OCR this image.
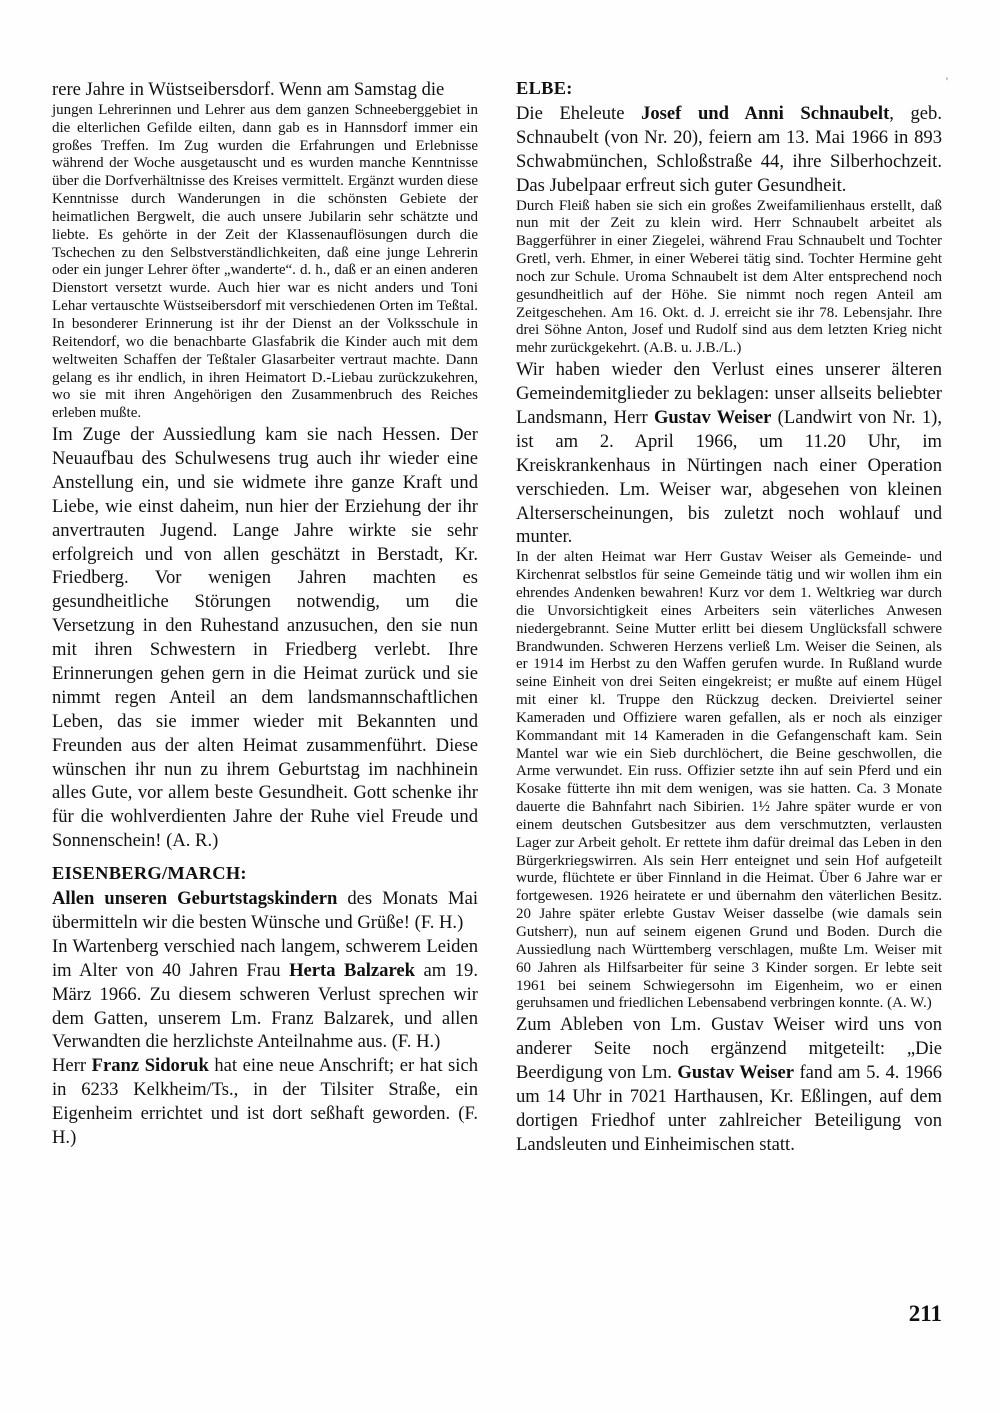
'

rere Jahre in Wüstseibersdorf. Wenn am Samstag die

jungen Lehrerinnen und Lehrer aus dem ganzen Schneeberggebiet in die elterlichen Gefilde eilten, dann gab es in Hannsdorf immer ein großes Treffen. Im Zug wurden die Erfahrungen und Erlebnisse während der Woche ausgetauscht und es wurden manche Kenntnisse über die Dorfverhältnisse des Kreises vermittelt. Ergänzt wurden diese Kenntnisse durch Wanderungen in die schönsten Gebiete der heimatlichen Bergwelt, die auch unsere Jubilarin sehr schätzte und liebte. Es gehörte in der Zeit der Klassenauflösungen durch die Tschechen zu den Selbstverständlichkeiten, daß eine junge Lehrerin oder ein junger Lehrer öfter „wanderte“. d. h., daß er an einen anderen Dienstort versetzt wurde. Auch hier war es nicht anders und Toni Lehar vertauschte Wüstseibersdorf mit verschiedenen Orten im Teßtal. In besonderer Erinnerung ist ihr der Dienst an der Volksschule in Reitendorf, wo die benachbarte Glasfabrik die Kinder auch mit dem weltweiten Schaffen der Teßtaler Glasarbeiter vertraut machte. Dann gelang es ihr endlich, in ihren Heimatort D.-Liebau zurückzukehren, wo sie mit ihren Angehörigen den Zusammenbruch des Reiches erleben mußte.

Im Zuge der Aussiedlung kam sie nach Hessen. Der Neuaufbau des Schulwesens trug auch ihr wieder eine Anstellung ein, und sie widmete ihre ganze Kraft und Liebe, wie einst daheim, nun hier der Erziehung der ihr anvertrauten Jugend. Lange Jahre wirkte sie sehr erfolgreich und von allen geschätzt in Berstadt, Kr. Friedberg. Vor wenigen Jahren machten es gesundheitliche Störungen notwendig, um die Versetzung in den Ruhestand anzusuchen, den sie nun mit ihren Schwestern in Friedberg verlebt. Ihre Erinnerungen gehen gern in die Heimat zurück und sie nimmt regen Anteil an dem landsmannschaftlichen Leben, das sie immer wieder mit Bekannten und Freunden aus der alten Heimat zusammenführt. Diese wünschen ihr nun zu ihrem Geburtstag im nachhinein alles Gute, vor allem beste Gesundheit. Gott schenke ihr für die wohlverdienten Jahre der Ruhe viel Freude und Sonnenschein! (A. R.)

EISENBERG/MARCH:

Allen unseren Geburtstagskindern des Monats Mai übermitteln wir die besten Wünsche und Grüße! (F. H.)

In Wartenberg verschied nach langem, schwerem Leiden im Alter von 40 Jahren Frau Herta Balzarek am 19. März 1966. Zu diesem schweren Verlust sprechen wir dem Gatten, unserem Lm. Franz Balzarek, und allen Verwandten die herzlichste Anteilnahme aus. (F. H.)

Herr Franz Sidoruk hat eine neue Anschrift; er hat sich in 6233 Kelkheim/Ts., in der Tilsiter Straße, ein Eigenheim errichtet und ist dort seßhaft geworden. (F. H.)

ELBE:

Die Eheleute Josef und Anni Schnaubelt, geb. Schnaubelt (von Nr. 20), feiern am 13. Mai 1966 in 893 Schwabmünchen, Schloßstraße 44, ihre Silberhochzeit. Das Jubelpaar erfreut sich guter Gesundheit.

Durch Fleiß haben sie sich ein großes Zweifamilienhaus erstellt, daß nun mit der Zeit zu klein wird. Herr Schnaubelt arbeitet als Baggerführer in einer Ziegelei, während Frau Schnaubelt und Tochter Gretl, verh. Ehmer, in einer Weberei tätig sind. Tochter Hermine geht noch zur Schule. Uroma Schnaubelt ist dem Alter entsprechend noch gesundheitlich auf der Höhe. Sie nimmt noch regen Anteil am Zeitgeschehen. Am 16. Okt. d. J. erreicht sie ihr 78. Lebensjahr. Ihre drei Söhne Anton, Josef und Rudolf sind aus dem letzten Krieg nicht mehr zurückgekehrt. (A.B. u. J.B./L.)

Wir haben wieder den Verlust eines unserer älteren Gemeindemitglieder zu beklagen: unser allseits beliebter Landsmann, Herr Gustav Weiser (Landwirt von Nr. 1), ist am 2. April 1966, um 11.20 Uhr, im Kreiskrankenhaus in Nürtingen nach einer Operation verschieden. Lm. Weiser war, abgesehen von kleinen Alterserscheinungen, bis zuletzt noch wohlauf und munter.

In der alten Heimat war Herr Gustav Weiser als Gemeinde- und Kirchenrat selbstlos für seine Gemeinde tätig und wir wollen ihm ein ehrendes Andenken bewahren! Kurz vor dem 1. Weltkrieg war durch die Unvorsichtigkeit eines Arbeiters sein väterliches Anwesen niedergebrannt. Seine Mutter erlitt bei diesem Unglücksfall schwere Brandwunden. Schweren Herzens verließ Lm. Weiser die Seinen, als er 1914 im Herbst zu den Waffen gerufen wurde. In Rußland wurde seine Einheit von drei Seiten eingekreist; er mußte auf einem Hügel mit einer kl. Truppe den Rückzug decken. Dreiviertel seiner Kameraden und Offiziere waren gefallen, als er noch als einziger Kommandant mit 14 Kameraden in die Gefangenschaft kam. Sein Mantel war wie ein Sieb durchlöchert, die Beine geschwollen, die Arme verwundet. Ein russ. Offizier setzte ihn auf sein Pferd und ein Kosake fütterte ihn mit dem wenigen, was sie hatten. Ca. 3 Monate dauerte die Bahnfahrt nach Sibirien. 1½ Jahre später wurde er von einem deutschen Gutsbesitzer aus dem verschmutzten, verlausten Lager zur Arbeit geholt. Er rettete ihm dafür dreimal das Leben in den Bürgerkriegswirren. Als sein Herr enteignet und sein Hof aufgeteilt wurde, flüchtete er über Finnland in die Heimat. Über 6 Jahre war er fortgewesen. 1926 heiratete er und übernahm den väterlichen Besitz. 20 Jahre später erlebte Gustav Weiser dasselbe (wie damals sein Gutsherr), nun auf seinem eigenen Grund und Boden. Durch die Aussiedlung nach Württemberg verschlagen, mußte Lm. Weiser mit 60 Jahren als Hilfsarbeiter für seine 3 Kinder sorgen. Er lebte seit 1961 bei seinem Schwiegersohn im Eigenheim, wo er einen geruhsamen und friedlichen Lebensabend verbringen konnte. (A. W.)

Zum Ableben von Lm. Gustav Weiser wird uns von anderer Seite noch ergänzend mitgeteilt: „Die Beerdigung von Lm. Gustav Weiser fand am 5. 4. 1966 um 14 Uhr in 7021 Harthausen, Kr. Eßlingen, auf dem dortigen Friedhof unter zahlreicher Beteiligung von Landsleuten und Einheimischen statt.

211
